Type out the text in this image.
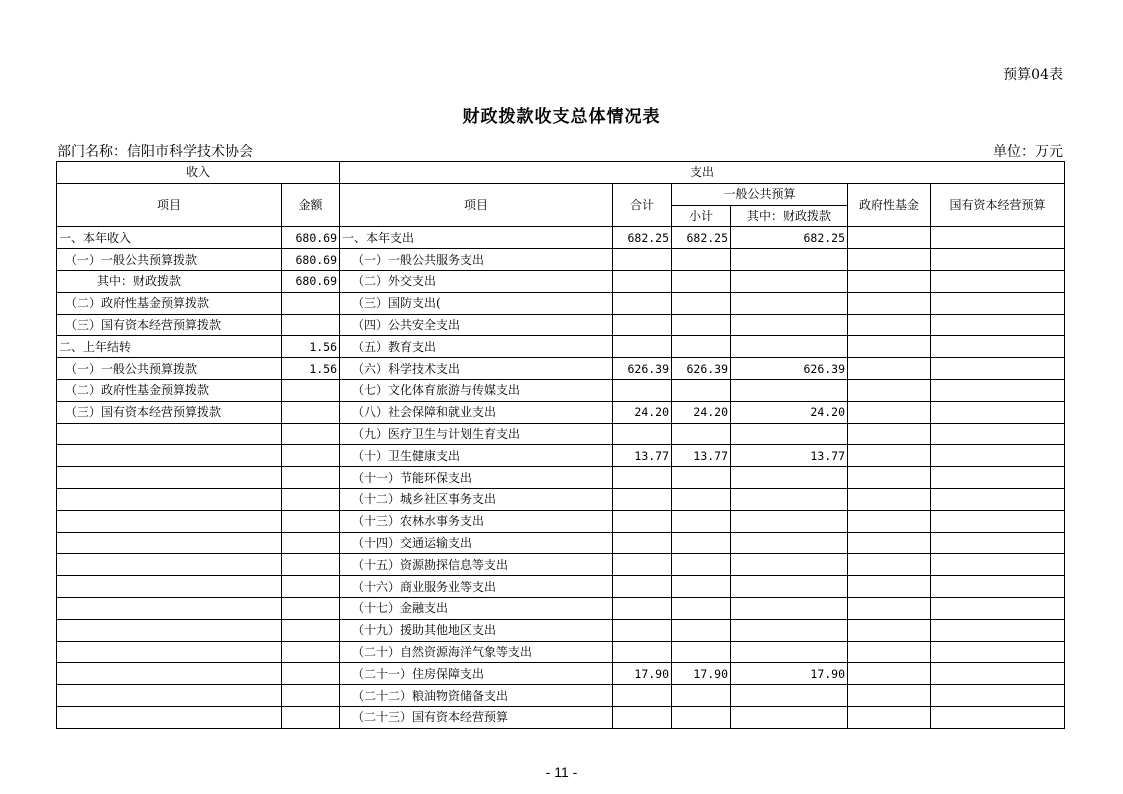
预算04表
财政拨款收支总体情况表
部门名称：信阳市科学技术协会	单位：万元
收入		支出					
项目	金额	项目	合计	一般公共预算		政府性基金	国有资本经营预算
				小计	其中：财政拨款		
一、本年收入	680.69	一、本年支出	682.25	682.25	682.25		
（一）一般公共预算拨款	680.69	（一）一般公共服务支出					
其中：财政拨款	680.69	（二）外交支出					
（二）政府性基金预算拨款		（三）国防支出(					
（三）国有资本经营预算拨款		（四）公共安全支出					
二、上年结转	1.56	（五）教育支出					
（一）一般公共预算拨款	1.56	（六）科学技术支出	626.39	626.39	626.39		
（二）政府性基金预算拨款		（七）文化体育旅游与传媒支出					
（三）国有资本经营预算拨款		（八）社会保障和就业支出	24.20	24.20	24.20		
		（九）医疗卫生与计划生育支出					
		（十）卫生健康支出	13.77	13.77	13.77		
		（十一）节能环保支出					
		（十二）城乡社区事务支出					
		（十三）农林水事务支出					
		（十四）交通运输支出					
		（十五）资源勘探信息等支出					
		（十六）商业服务业等支出					
		（十七）金融支出					
		（十九）援助其他地区支出					
		（二十）自然资源海洋气象等支出					
		（二十一）住房保障支出	17.90	17.90	17.90		
		（二十二）粮油物资储备支出					
		（二十三）国有资本经营预算					
- 11 -
